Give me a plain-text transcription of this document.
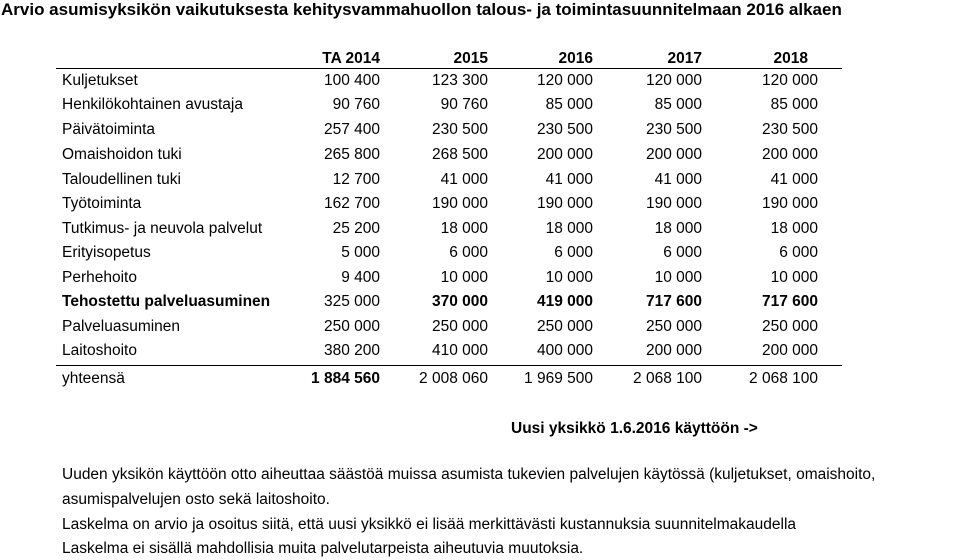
Arvio asumisyksikön vaikutuksesta kehitysvammahuollon talous- ja toimintasuunnitelmaan 2016 alkaen
TA 2014	2015	2016	2017	2018
Kuljetukset	100 400	123 300	120 000	120 000	120 000
Henkilökohtainen avustaja	90 760	90 760	85 000	85 000	85 000
Päivätoiminta	257 400	230 500	230 500	230 500	230 500
Omaishoidon tuki	265 800	268 500	200 000	200 000	200 000
Taloudellinen tuki	12 700	41 000	41 000	41 000	41 000
Työtoiminta	162 700	190 000	190 000	190 000	190 000
Tutkimus- ja neuvola palvelut	25 200	18 000	18 000	18 000	18 000
Erityisopetus	5 000	6 000	6 000	6 000	6 000
Perhehoito	9 400	10 000	10 000	10 000	10 000
Tehostettu palveluasuminen	325 000	370 000	419 000	717 600	717 600
Palveluasuminen	250 000	250 000	250 000	250 000	250 000
Laitoshoito	380 200	410 000	400 000	200 000	200 000
yhteensä	1 884 560	2 008 060	1 969 500	2 068 100	2 068 100
Uusi yksikkö 1.6.2016 käyttöön ->
Uuden yksikön käyttöön otto aiheuttaa säästöä muissa asumista tukevien palvelujen käytössä (kuljetukset, omaishoito,
asumispalvelujen osto sekä laitoshoito.
Laskelma on arvio ja osoitus siitä, että uusi yksikkö ei lisää merkittävästi kustannuksia suunnitelmakaudella
Laskelma ei sisällä mahdollisia muita palvelutarpeista aiheutuvia muutoksia.
